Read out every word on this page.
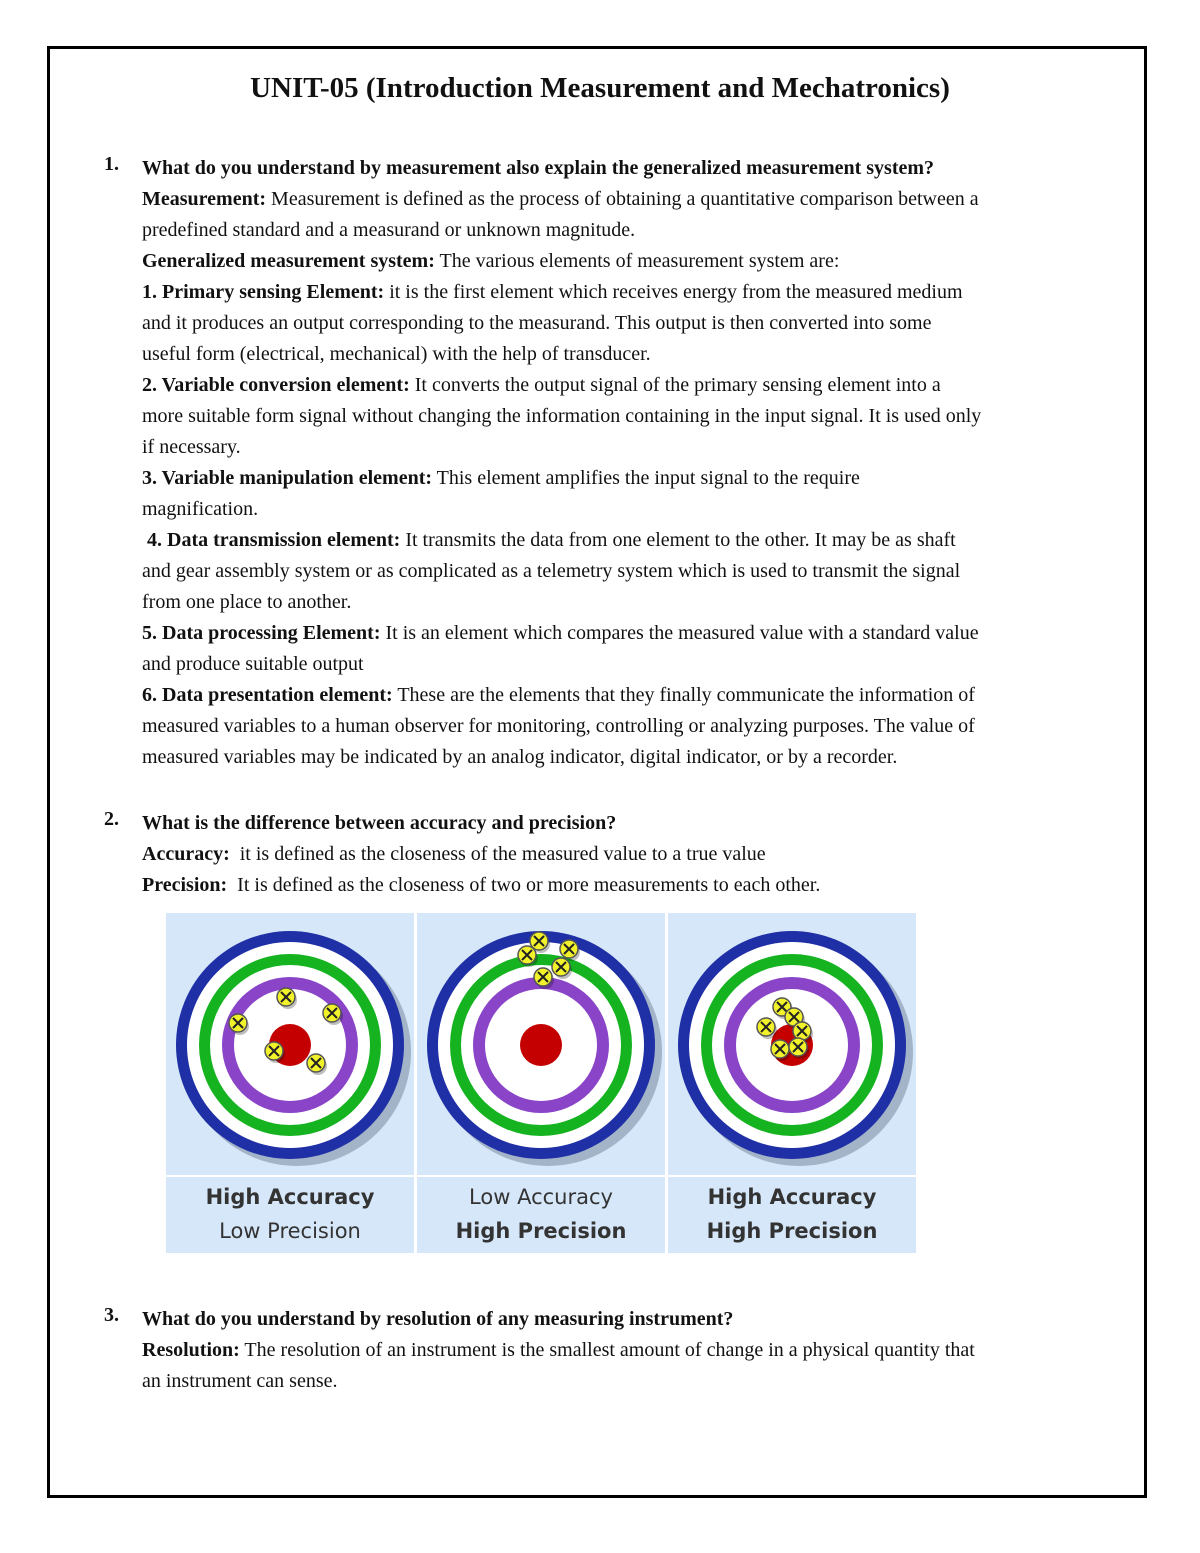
UNIT-05 (Introduction Measurement and Mechatronics)
1. What do you understand by measurement also explain the generalized measurement system?
Measurement: Measurement is defined as the process of obtaining a quantitative comparison between a
predefined standard and a measurand or unknown magnitude.
Generalized measurement system: The various elements of measurement system are:
1. Primary sensing Element: it is the first element which receives energy from the measured medium
and it produces an output corresponding to the measurand. This output is then converted into some
useful form (electrical, mechanical) with the help of transducer.
2. Variable conversion element: It converts the output signal of the primary sensing element into a
more suitable form signal without changing the information containing in the input signal. It is used only
if necessary.
3. Variable manipulation element: This element amplifies the input signal to the require
magnification.
4. Data transmission element: It transmits the data from one element to the other. It may be as shaft
and gear assembly system or as complicated as a telemetry system which is used to transmit the signal
from one place to another.
5. Data processing Element: It is an element which compares the measured value with a standard value
and produce suitable output
6. Data presentation element: These are the elements that they finally communicate the information of
measured variables to a human observer for monitoring, controlling or analyzing purposes. The value of
measured variables may be indicated by an analog indicator, digital indicator, or by a recorder.
2. What is the difference between accuracy and precision?
Accuracy:  it is defined as the closeness of the measured value to a true value
Precision:  It is defined as the closeness of two or more measurements to each other.
High Accuracy
Low Precision
Low Accuracy
High Precision
High Accuracy
High Precision
3. What do you understand by resolution of any measuring instrument?
Resolution: The resolution of an instrument is the smallest amount of change in a physical quantity that
an instrument can sense.
